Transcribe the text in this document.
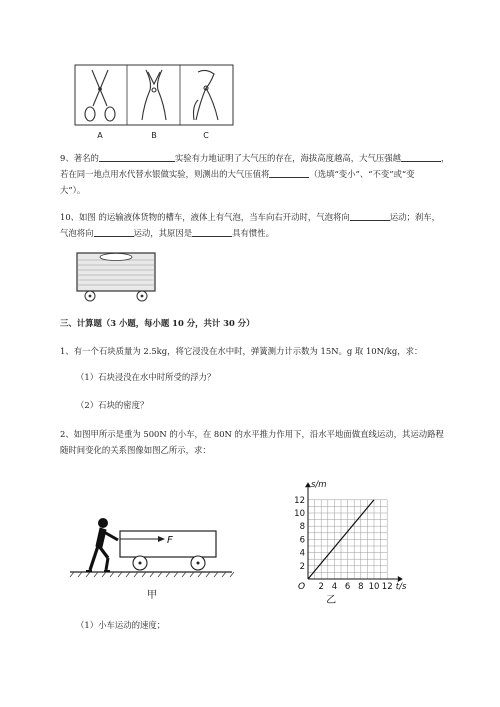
A	B	C
9、著名的	实验有力地证明了大气压的存在，海拔高度越高，大气压强越	，
若在同一地点用水代替水银做实验，则测出的大气压值将	（选填“变小”、“不变”或“变
大”）。
10、如图 的运输液体货物的槽车，液体上有气泡，当车向右开动时，气泡将向	运动；刹车，
气泡将向	运动，其原因是	具有惯性。
三、计算题（3 小题，每小题 10 分，共计 30 分）
1、有一个石块质量为 2.5kg，将它浸没在水中时，弹簧测力计示数为 15N。g 取 10N/kg，求：
（1）石块浸没在水中时所受的浮力？
（2）石块的密度？
2、如图甲所示是重为 500N 的小车，在 80N 的水平推力作用下，沿水平地面做直线运动，其运动路程
随时间变化的关系图像如图乙所示，求：
F
甲
2 4 6 8 10 12
2
4
6
8
10
12
t/s
s/m
O
乙
（1）小车运动的速度；
